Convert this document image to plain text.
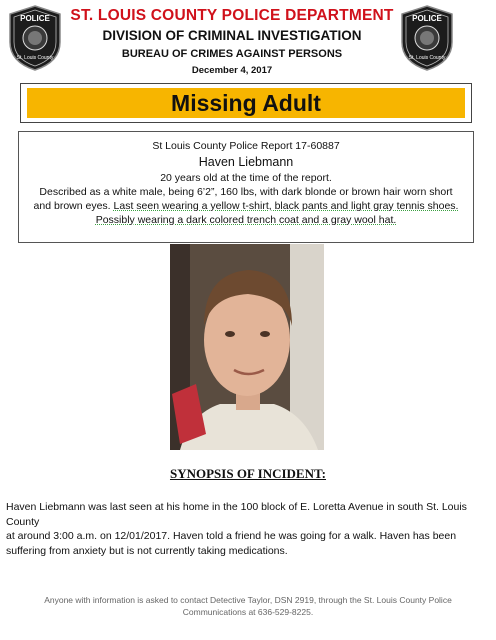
POLICE
St. Louis County
POLICE
St. Louis County
ST. LOUIS COUNTY POLICE DEPARTMENT
DIVISION OF CRIMINAL INVESTIGATION
BUREAU OF CRIMES AGAINST PERSONS
December 4, 2017
Missing Adult
St Louis County Police Report 17-60887
Haven Liebmann
20 years old at the time of the report.
Described as a white male, being 6’2”, 160 lbs, with dark blonde or brown hair worn short
and brown eyes. Last seen wearing a yellow t-shirt, black pants and light gray tennis shoes.
Possibly wearing a dark colored trench coat and a gray wool hat.
SYNOPSIS OF INCIDENT:
Haven Liebmann was last seen at his home in the 100 block of E. Loretta Avenue in south St. Louis County
at around 3:00 a.m. on 12/01/2017. Haven told a friend he was going for a walk. Haven has been
suffering from anxiety but is not currently taking medications.
Anyone with information is asked to contact Detective Taylor, DSN 2919, through the St. Louis County Police
Communications at 636-529-8225.
